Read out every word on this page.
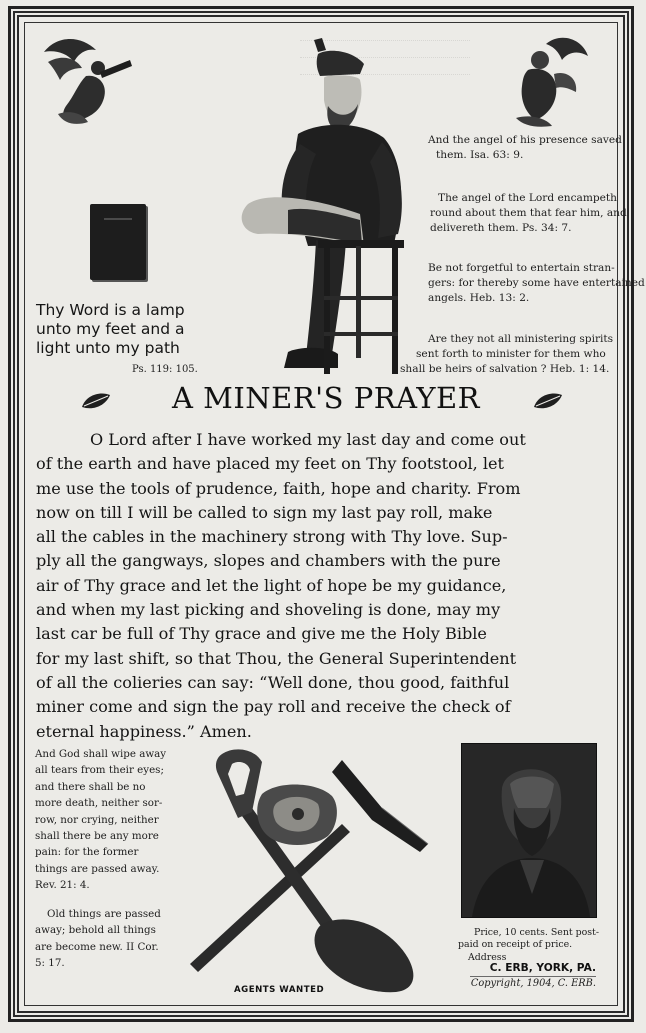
Thy Word is a lamp
unto my feet and a
light unto my path
Ps. 119: 105.
And the angel of his presence saved
them. Isa. 63: 9.
The angel of the Lord encampeth
round about them that fear him, and
delivereth them. Ps. 34: 7.
Be not forgetful to entertain stran-
gers: for thereby some have entertained
angels. Heb. 13: 2.
Are they not all ministering spirits
sent forth to minister for them who
shall be heirs of salvation ? Heb. 1: 14.
A MINER'S PRAYER
O Lord after I have worked my last day and come out
of the earth and have placed my feet on Thy footstool, let
me use the tools of prudence, faith, hope and charity. From
now on till I will be called to sign my last pay roll, make
all the cables in the machinery strong with Thy love. Sup-
ply all the gangways, slopes and chambers with the pure
air of Thy grace and let the light of hope be my guidance,
and when my last picking and shoveling is done, may my
last car be full of Thy grace and give me the Holy Bible
for my last shift, so that Thou, the General Superintendent
of all the colieries can say: “Well done, thou good, faithful
miner come and sign the pay roll and receive the check of
eternal happiness.” Amen.
And God shall wipe away
all tears from their eyes;
and there shall be no
more death, neither sor-
row, nor crying, neither
shall there be any more
pain: for the former
things are passed away.
Rev. 21: 4.
Old things are passed
away; behold all things
are become new. II Cor.
5: 17.
Price, 10 cents. Sent post-
paid on receipt of price.
Address
C. ERB, YORK, PA.
Copyright, 1904, C. ERB.
AGENTS WANTED
